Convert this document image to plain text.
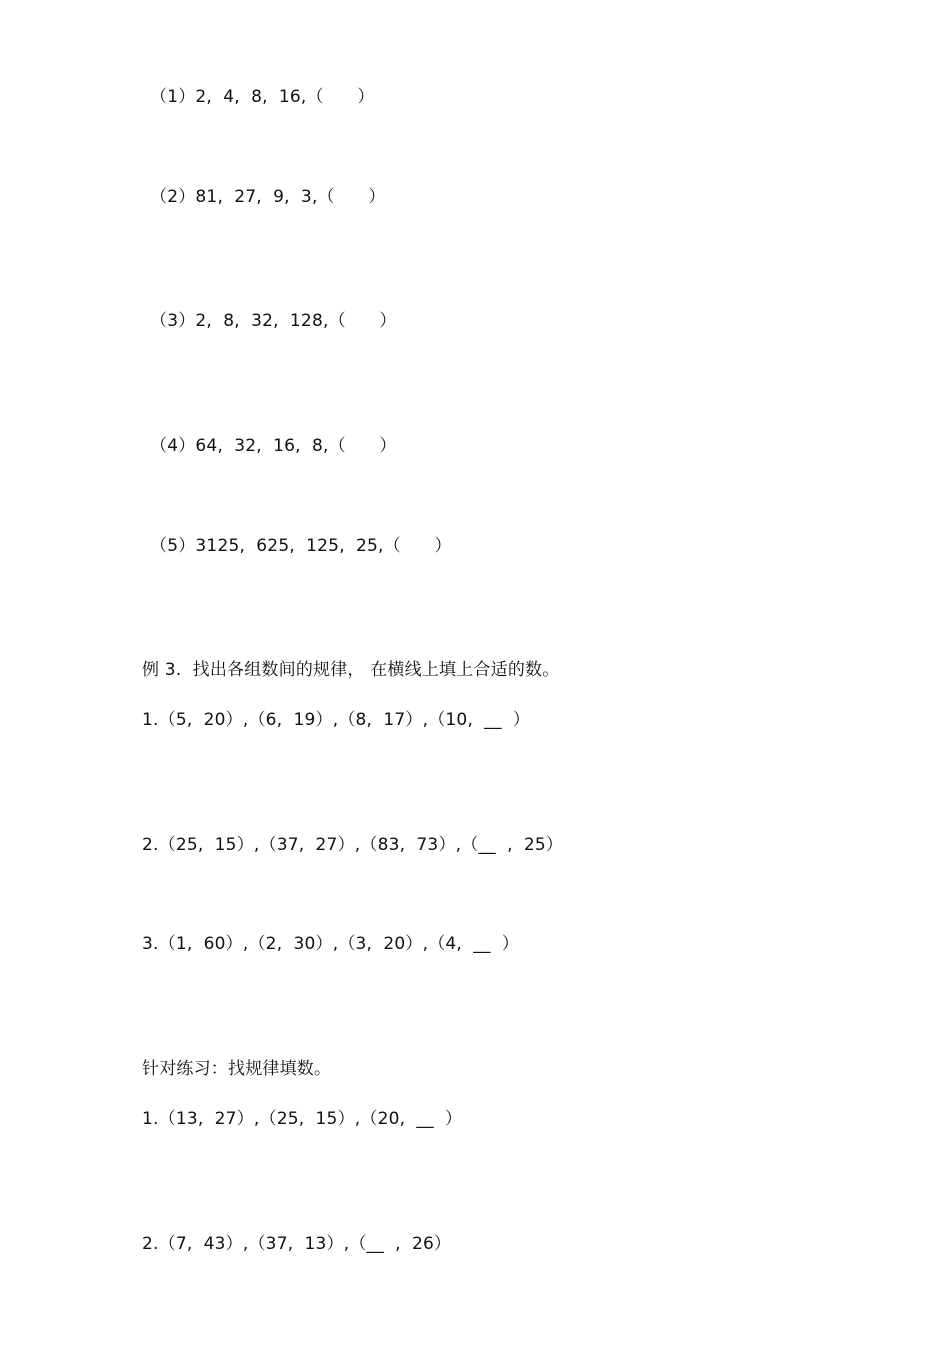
（1）2,  4,  8,  16,（      ）
（2）81,  27,  9,  3,（      ）
（3）2,  8,  32,  128,（      ）
（4）64,  32,  16,  8,（      ）
（5）3125,  625,  125,  25,（      ）
例 3.  找出各组数间的规律， 在横线上填上合适的数。
1.（5,  20）,（6,  19）,（8,  17）,（10,  __  ）
2.（25,  15）,（37,  27）,（83,  73）,（__  ,  25）
3.（1,  60）,（2,  30）,（3,  20）,（4,  __  ）
针对练习：找规律填数。
1.（13,  27）,（25,  15）,（20,  __  ）
2.（7,  43）,（37,  13）,（__  ,  26）
